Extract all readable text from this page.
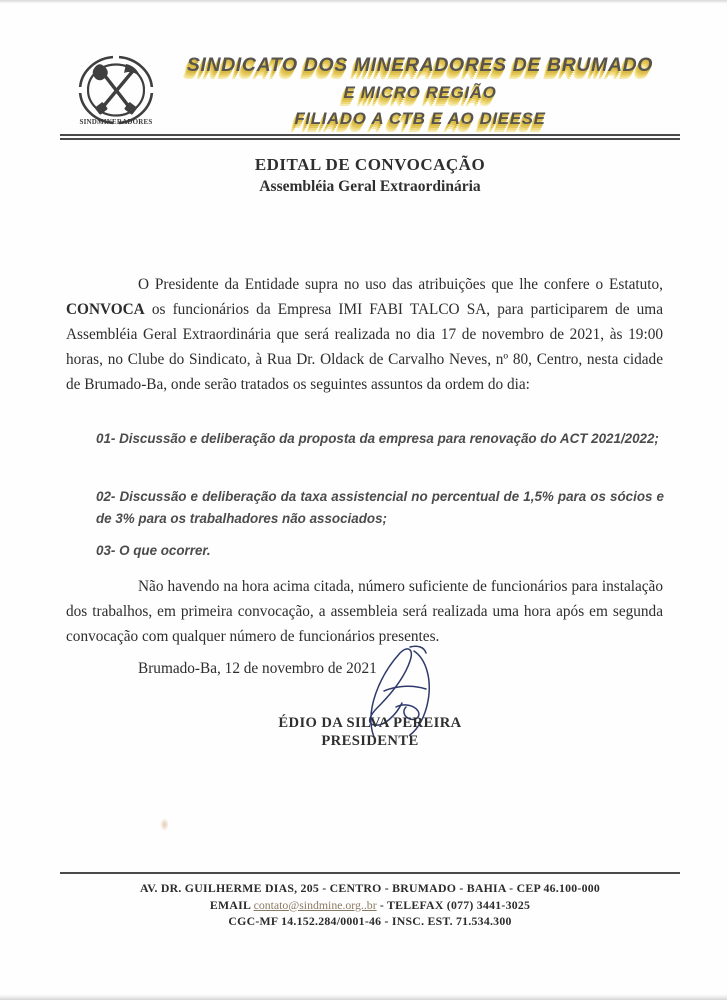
SINDMINERADORES
SINDICATO DOS MINERADORES DE BRUMADO
E MICRO REGIÃO
FILIADO A CTB E AO DIEESE
EDITAL DE CONVOCAÇÃO
Assembléia Geral Extraordinária
O Presidente da Entidade supra no uso das atribuições que lhe confere o Estatuto, CONVOCA os funcionários da Empresa IMI FABI TALCO SA, para participarem de uma Assembléia Geral Extraordinária que será realizada no dia 17 de novembro de 2021, às 19:00 horas, no Clube do Sindicato, à Rua Dr. Oldack de Carvalho Neves, nº 80, Centro, nesta cidade de Brumado-Ba, onde serão tratados os seguintes assuntos da ordem do dia:
01- Discussão e deliberação da proposta da empresa para renovação do ACT 2021/2022;
02- Discussão e deliberação da taxa assistencial no percentual de 1,5% para os sócios e de 3% para os trabalhadores não associados;
03- O que ocorrer.
Não havendo na hora acima citada, número suficiente de funcionários para instalação dos trabalhos, em primeira convocação, a assembleia será realizada uma hora após em segunda convocação com qualquer número de funcionários presentes.
Brumado-Ba, 12 de novembro de 2021
ÉDIO DA SILVA PEREIRA
PRESIDENTE
AV. DR. GUILHERME DIAS, 205 - CENTRO - BRUMADO - BAHIA - CEP 46.100-000
EMAIL contato@sindmine.org..br - TELEFAX (077) 3441-3025
CGC-MF 14.152.284/0001-46 - INSC. EST. 71.534.300
